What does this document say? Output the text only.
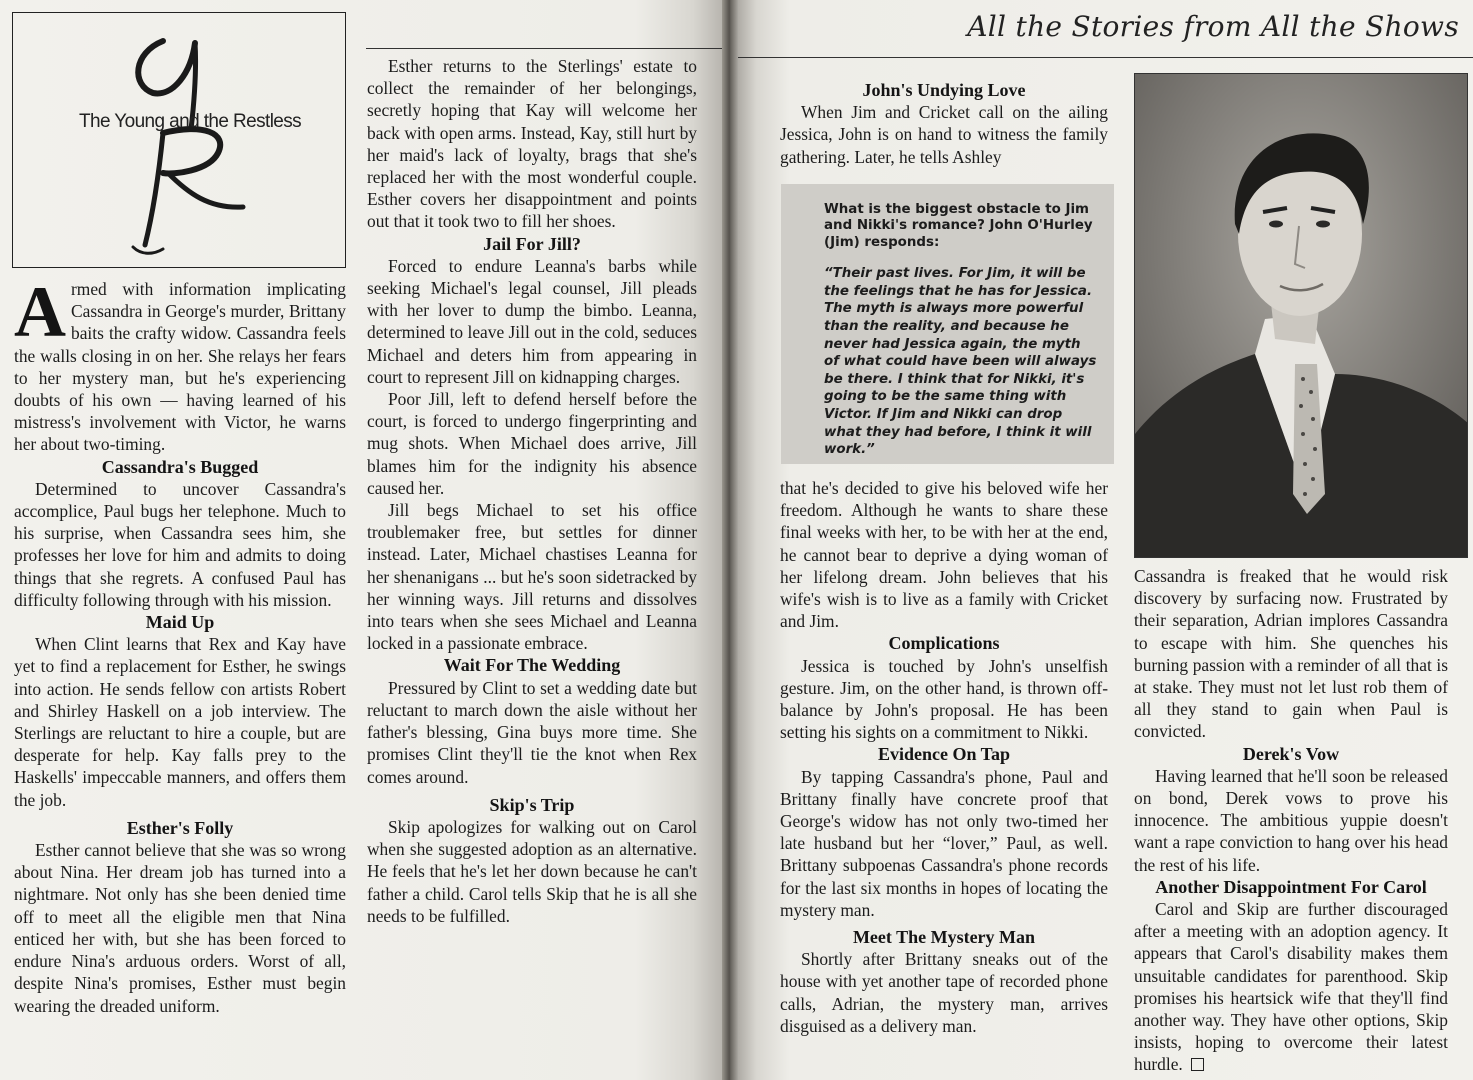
The Young and the Restless

Armed with information implicating Cassandra in George's murder, Brittany baits the crafty widow. Cassandra feels the walls closing in on her. She relays her fears to her mystery man, but he's experiencing doubts of his own — having learned of his mistress's involvement with Victor, he warns her about two-timing.

Cassandra's Bugged

Determined to uncover Cassandra's accomplice, Paul bugs her telephone. Much to his surprise, when Cassandra sees him, she professes her love for him and admits to doing things that she regrets. A confused Paul has difficulty following through with his mission.

Maid Up

When Clint learns that Rex and Kay have yet to find a replacement for Esther, he swings into action. He sends fellow con artists Robert and Shirley Haskell on a job interview. The Sterlings are reluctant to hire a couple, but are desperate for help. Kay falls prey to the Haskells' impeccable manners, and offers them the job.

Esther's Folly

Esther cannot believe that she was so wrong about Nina. Her dream job has turned into a nightmare. Not only has she been denied time off to meet all the eligible men that Nina enticed her with, but she has been forced to endure Nina's arduous orders. Worst of all, despite Nina's promises, Esther must begin wearing the dreaded uniform.

Esther returns to the Sterlings' estate to collect the remainder of her belongings, secretly hoping that Kay will welcome her back with open arms. Instead, Kay, still hurt by her maid's lack of loyalty, brags that she's replaced her with the most wonderful couple. Esther covers her disappointment and points out that it took two to fill her shoes.

Jail For Jill?

Forced to endure Leanna's barbs while seeking Michael's legal counsel, Jill pleads with her lover to dump the bimbo. Leanna, determined to leave Jill out in the cold, seduces Michael and deters him from appearing in court to represent Jill on kidnapping charges.

Poor Jill, left to defend herself before the court, is forced to undergo fingerprinting and mug shots. When Michael does arrive, Jill blames him for the indignity his absence caused her.

Jill begs Michael to set his office troublemaker free, but settles for dinner instead. Later, Michael chastises Leanna for her shenanigans ... but he's soon sidetracked by her winning ways. Jill returns and dissolves into tears when she sees Michael and Leanna locked in a passionate embrace.

Wait For The Wedding

Pressured by Clint to set a wedding date but reluctant to march down the aisle without her father's blessing, Gina buys more time. She promises Clint they'll tie the knot when Rex comes around.

Skip's Trip

Skip apologizes for walking out on Carol when she suggested adoption as an alternative. He feels that he's let her down because he can't father a child. Carol tells Skip that he is all she needs to be fulfilled.

All the Stories from All the Shows
John's Undying Love

When Jim and Cricket call on the ailing Jessica, John is on hand to witness the family gathering. Later, he tells Ashley

What is the biggest obstacle to Jim and Nikki's romance? John O'Hurley (Jim) responds:

“Their past lives. For Jim, it will be the feelings that he has for Jessica. The myth is always more powerful than the reality, and because he never had Jessica again, the myth of what could have been will always be there. I think that for Nikki, it's going to be the same thing with Victor. If Jim and Nikki can drop what they had before, I think it will work.”

that he's decided to give his beloved wife her freedom. Although he wants to share these final weeks with her, to be with her at the end, he cannot bear to deprive a dying woman of her lifelong dream. John believes that his wife's wish is to live as a family with Cricket and Jim.

Complications

Jessica is touched by John's unselfish gesture. Jim, on the other hand, is thrown off-balance by John's proposal. He has been setting his sights on a commitment to Nikki.

Evidence On Tap

By tapping Cassandra's phone, Paul and Brittany finally have concrete proof that George's widow has not only two-timed her late husband but her “lover,” Paul, as well. Brittany subpoenas Cassandra's phone records for the last six months in hopes of locating the mystery man.

Meet The Mystery Man

Shortly after Brittany sneaks out of the house with yet another tape of recorded phone calls, Adrian, the mystery man, arrives disguised as a delivery man.

Cassandra is freaked that he would risk discovery by surfacing now. Frustrated by their separation, Adrian implores Cassandra to escape with him. She quenches his burning passion with a reminder of all that is at stake. They must not let lust rob them of all they stand to gain when Paul is convicted.

Derek's Vow

Having learned that he'll soon be released on bond, Derek vows to prove his innocence. The ambitious yuppie doesn't want a rape conviction to hang over his head the rest of his life.

Another Disappointment For Carol

Carol and Skip are further discouraged after a meeting with an adoption agency. It appears that Carol's disability makes them unsuitable candidates for parenthood. Skip promises his heartsick wife that they'll find another way. They have other options, Skip insists, hoping to overcome their latest hurdle.
